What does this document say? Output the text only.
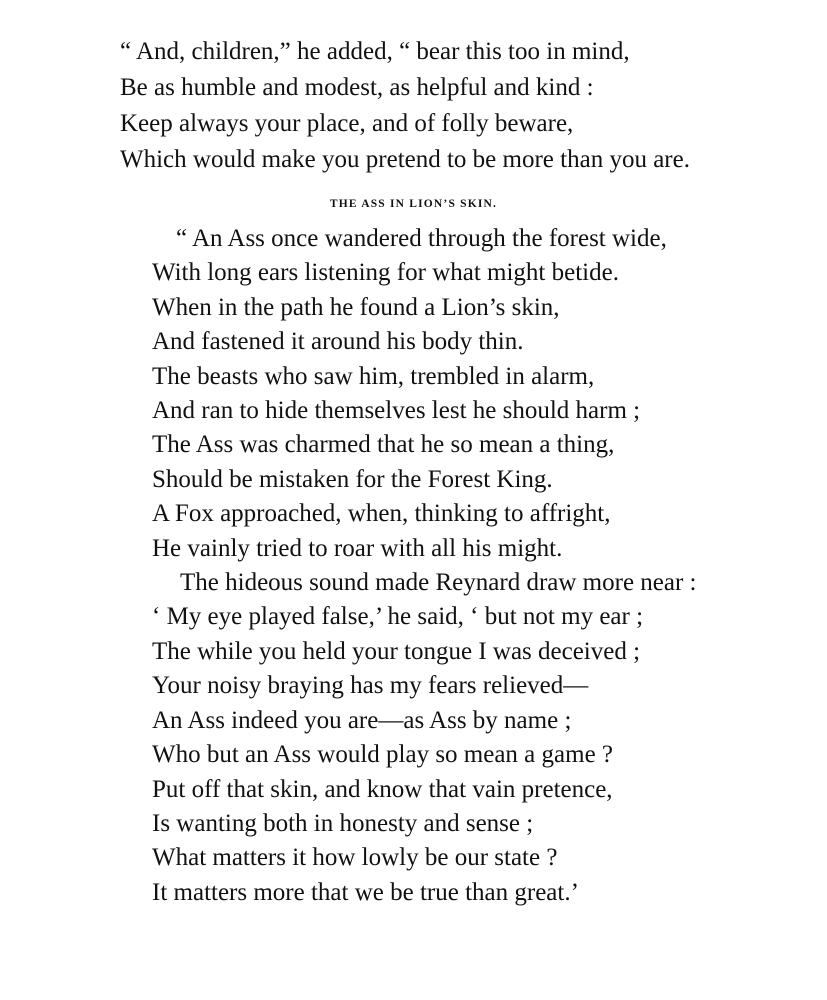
“ And, children,” he added, “ bear this too in mind,

Be as humble and modest, as helpful and kind :

Keep always your place, and of folly beware,

Which would make you pretend to be more than you are.

THE ASS IN LION’S SKIN.

“ An Ass once wandered through the forest wide,

With long ears listening for what might betide.

When in the path he found a Lion’s skin,

And fastened it around his body thin.

The beasts who saw him, trembled in alarm,

And ran to hide themselves lest he should harm ;

The Ass was charmed that he so mean a thing,

Should be mistaken for the Forest King.

A Fox approached, when, thinking to affright,

He vainly tried to roar with all his might.

The hideous sound made Reynard draw more near :

‘ My eye played false,’ he said, ‘ but not my ear ;

The while you held your tongue I was deceived ;

Your noisy braying has my fears relieved—

An Ass indeed you are—as Ass by name ;

Who but an Ass would play so mean a game ?

Put off that skin, and know that vain pretence,

Is wanting both in honesty and sense ;

What matters it how lowly be our state ?

It matters more that we be true than great.’
